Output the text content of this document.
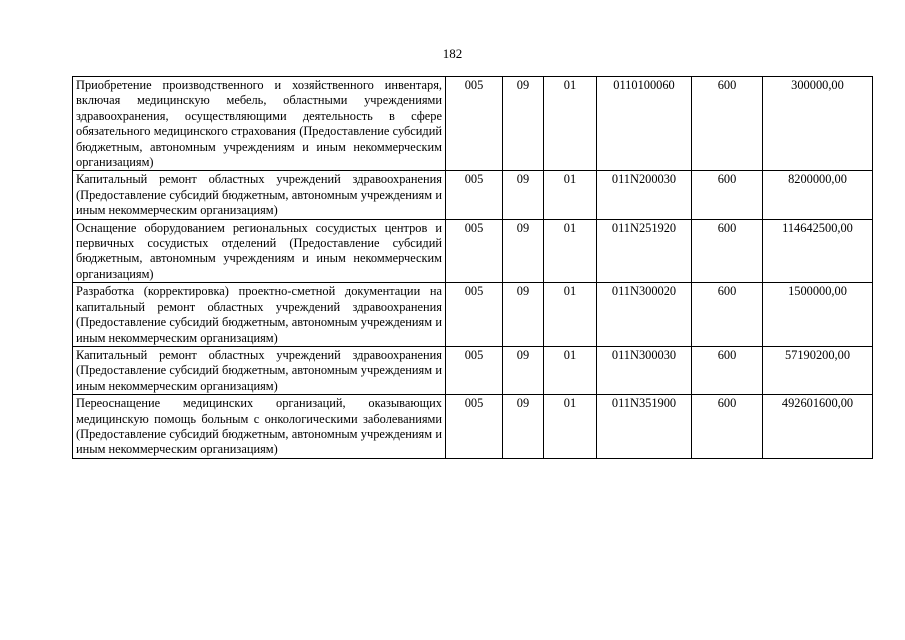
182
Приобретение производственного и хозяйственного инвентаря, включая медицинскую мебель, областными учреждениями здравоохранения, осуществляющими деятельность в сфере обязательного медицинского страхования (Предоставление субсидий бюджетным, автономным учреждениям и иным некоммерческим организациям)	005	09	01	0110100060	600	300000,00
Капитальный ремонт областных учреждений здравоохранения (Предоставление субсидий бюджетным, автономным учреждениям и иным некоммерческим организациям)	005	09	01	011N200030	600	8200000,00
Оснащение оборудованием региональных сосудистых центров и первичных сосудистых отделений (Предоставление субсидий бюджетным, автономным учреждениям и иным некоммерческим организациям)	005	09	01	011N251920	600	114642500,00
Разработка (корректировка) проектно-сметной документации на капитальный ремонт областных учреждений здравоохранения (Предоставление субсидий бюджетным, автономным учреждениям и иным некоммерческим организациям)	005	09	01	011N300020	600	1500000,00
Капитальный ремонт областных учреждений здравоохранения (Предоставление субсидий бюджетным, автономным учреждениям и иным некоммерческим организациям)	005	09	01	011N300030	600	57190200,00
Переоснащение медицинских организаций, оказывающих медицинскую помощь больным с онкологическими заболеваниями (Предоставление субсидий бюджетным, автономным учреждениям и иным некоммерческим организациям)	005	09	01	011N351900	600	492601600,00
